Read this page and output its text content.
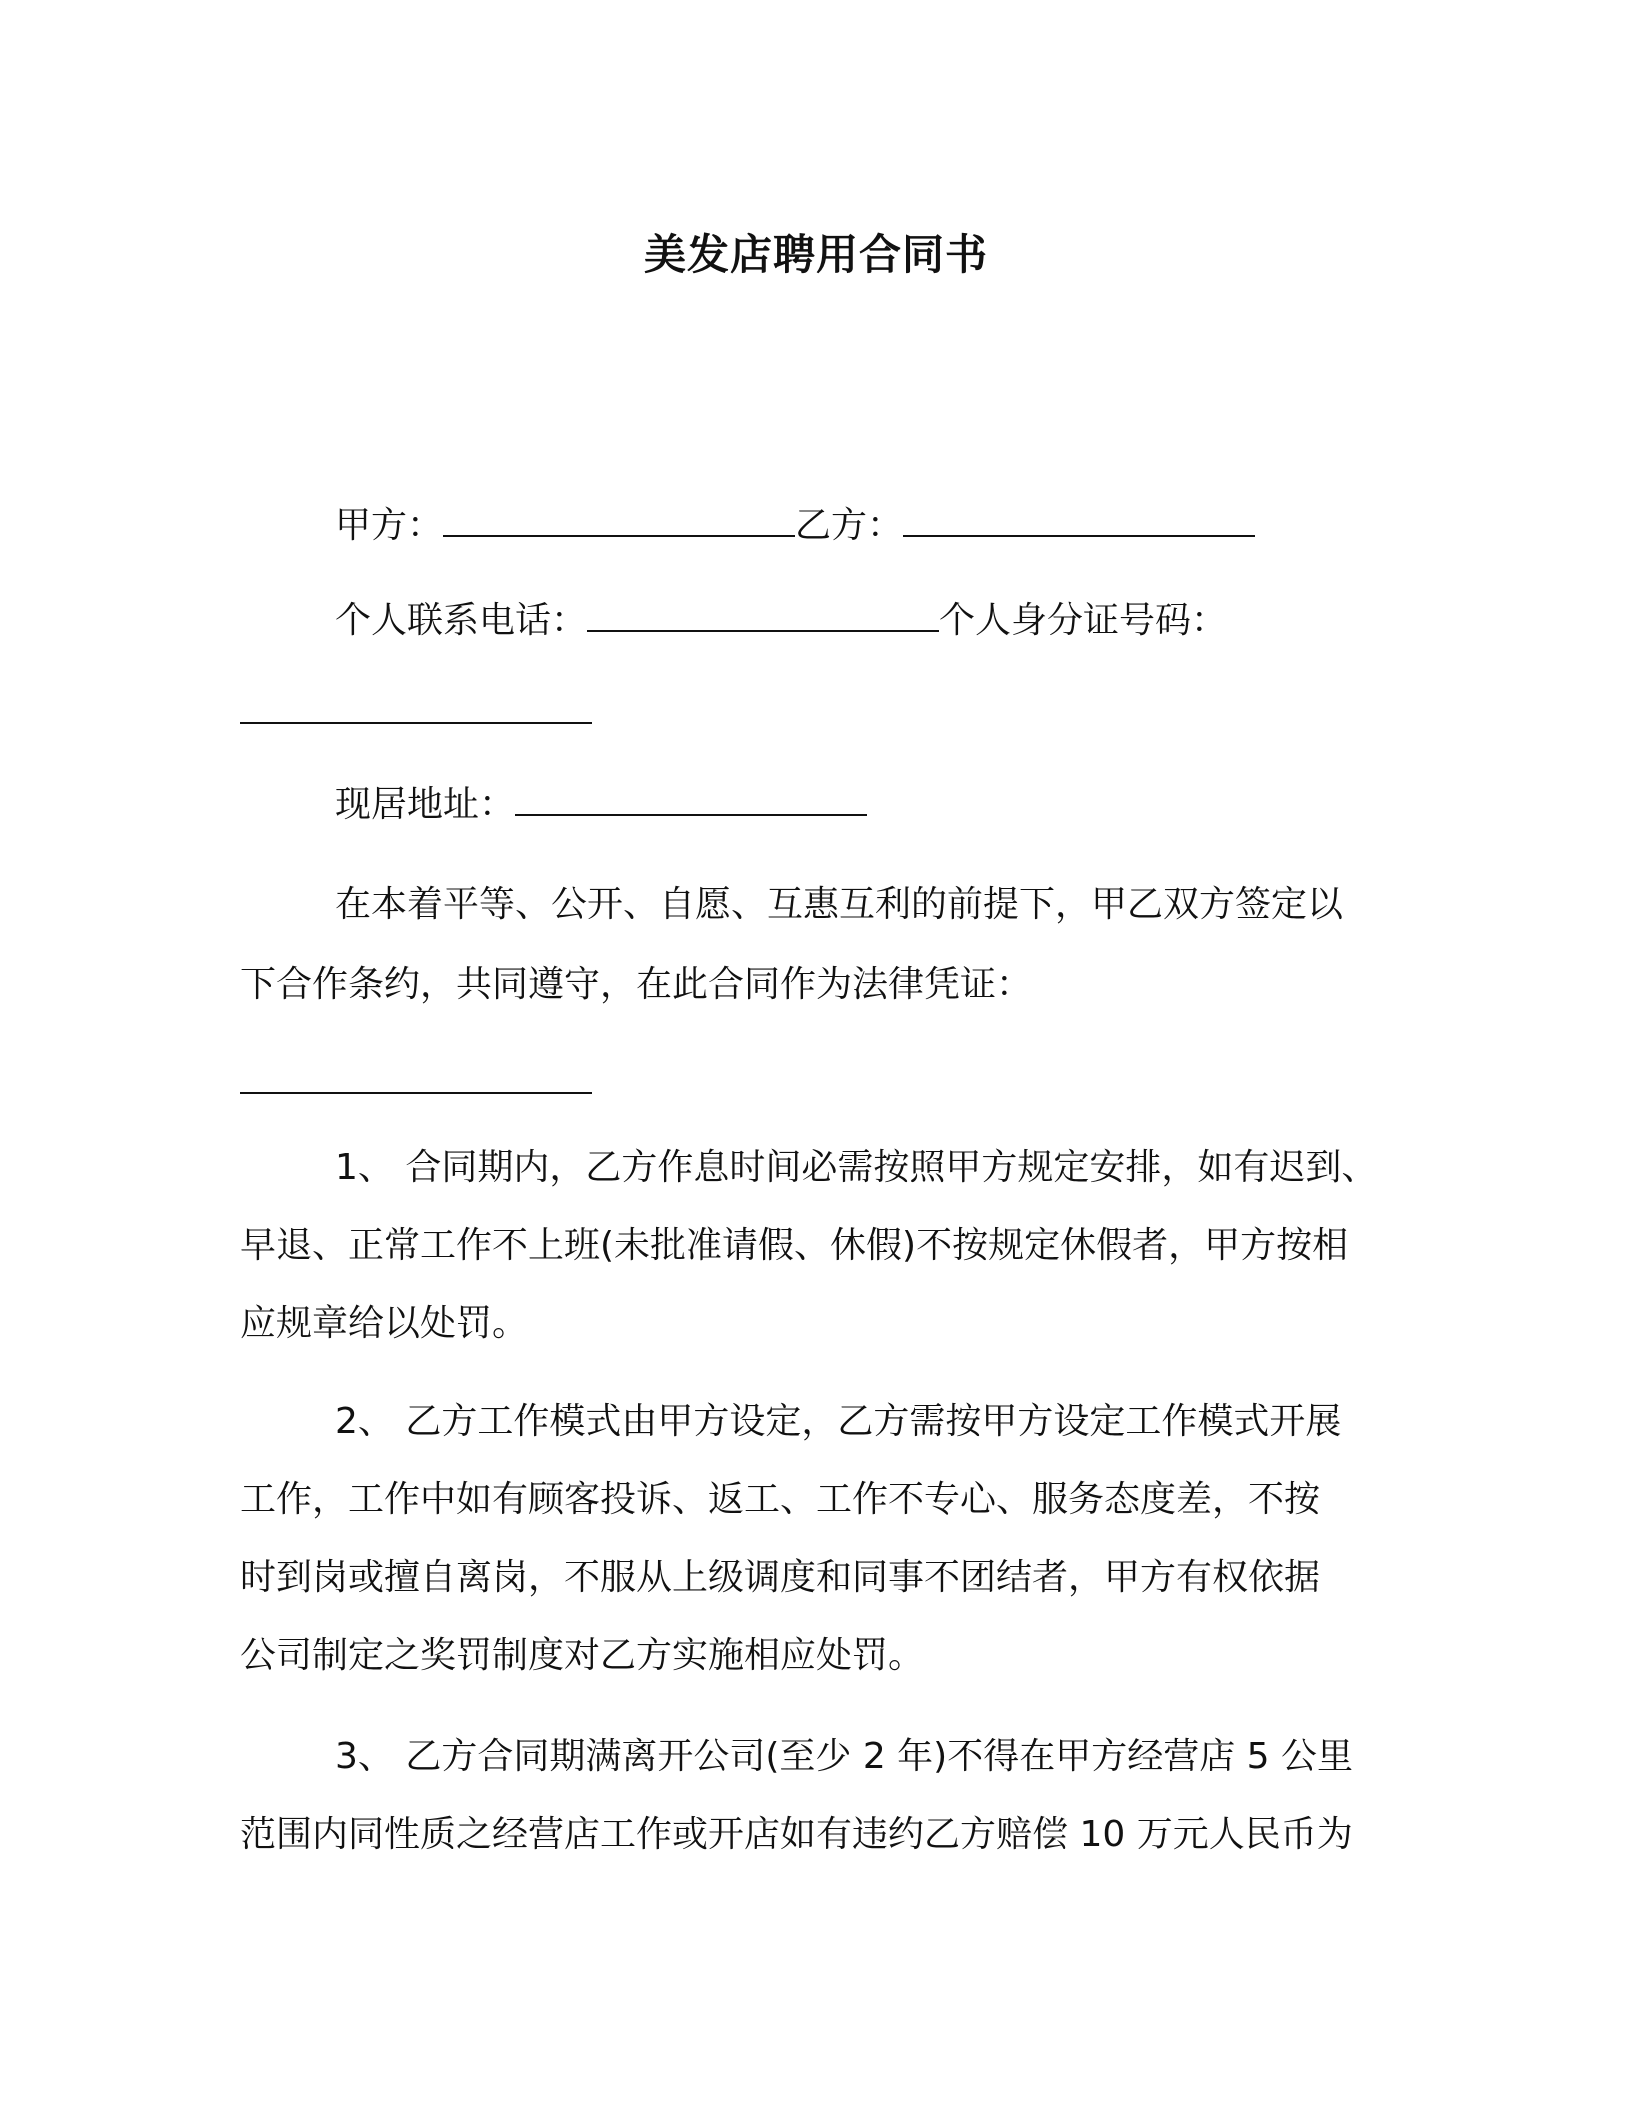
美发店聘用合同书
甲方：	乙方：
个人联系电话：	个人身分证号码：
现居地址：
在本着平等、公开、自愿、互惠互利的前提下，甲乙双方签定以
下合作条约，共同遵守，在此合同作为法律凭证：
1、 合同期内，乙方作息时间必需按照甲方规定安排，如有迟到、
早退、正常工作不上班(未批准请假、休假)不按规定休假者，甲方按相
应规章给以处罚。
2、 乙方工作模式由甲方设定，乙方需按甲方设定工作模式开展
工作，工作中如有顾客投诉、返工、工作不专心、服务态度差，不按
时到岗或擅自离岗，不服从上级调度和同事不团结者，甲方有权依据
公司制定之奖罚制度对乙方实施相应处罚。
3、 乙方合同期满离开公司(至少 2 年)不得在甲方经营店 5 公里
范围内同性质之经营店工作或开店如有违约乙方赔偿 10 万元人民币为
